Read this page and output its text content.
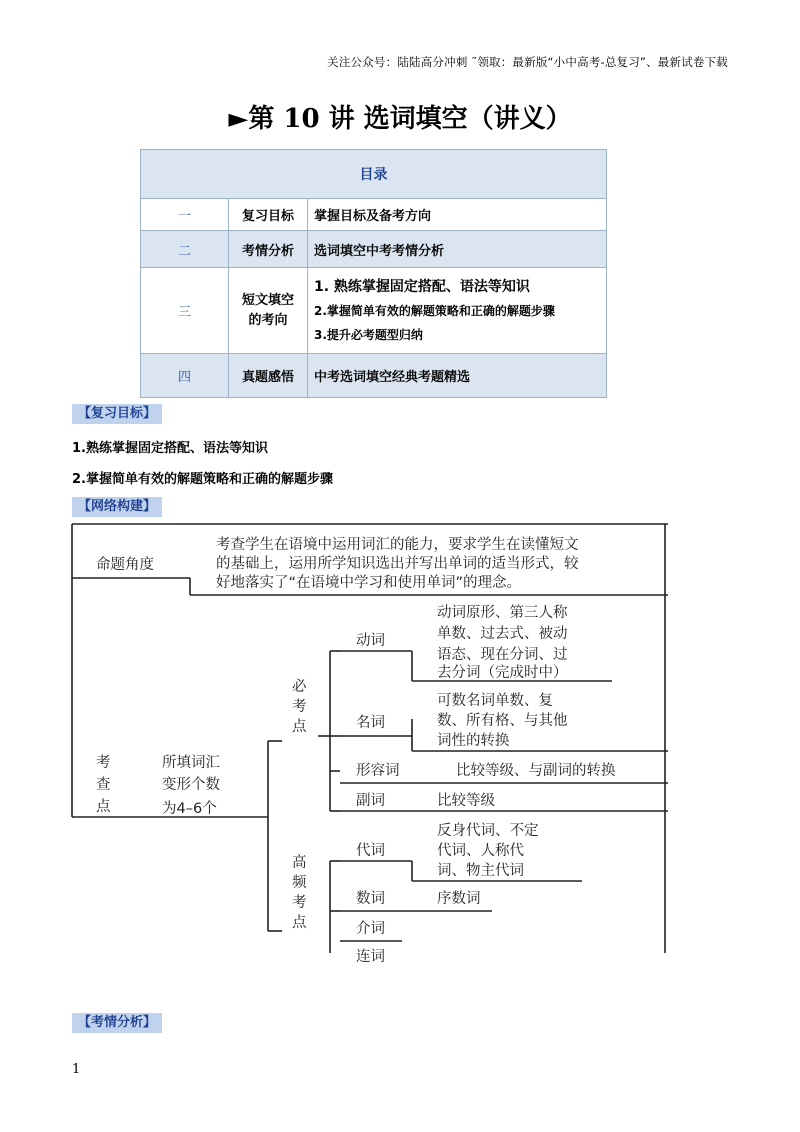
关注公众号：陆陆高分冲刺 ˜领取：最新版“小中高考-总复习”、最新试卷下载
►第 10 讲 选词填空（讲义）
目录		
一	复习目标	掌握目标及备考方向
二	考情分析	选词填空中考考情分析
三	短文填空的考向	1. 熟练掌握固定搭配、语法等知识
2.掌握简单有效的解题策略和正确的解题步骤
3.提升必考题型归纳

四	真题感悟	中考选词填空经典考题精选
【复习目标】
1.熟练掌握固定搭配、语法等知识
2.掌握简单有效的解题策略和正确的解题步骤
【网络构建】
命题角度
考查学生在语境中运用词汇的能力，要求学生在读懂短文
的基础上，运用所学知识选出并写出单词的适当形式，较
好地落实了“在语境中学习和使用单词”的理念。
考
查
点
所填词汇
变形个数
为4–6个
必
考
点
动词
动词原形、第三人称
单数、过去式、被动
语态、现在分词、过
去分词（完成时中）
名词
可数名词单数、复
数、所有格、与其他
词性的转换
形容词	比较等级、与副词的转换
副词	比较等级
高
频
考
点
代词
反身代词、不定
代词、人称代
词、物主代词
数词	序数词
介词
连词
【考情分析】
1
